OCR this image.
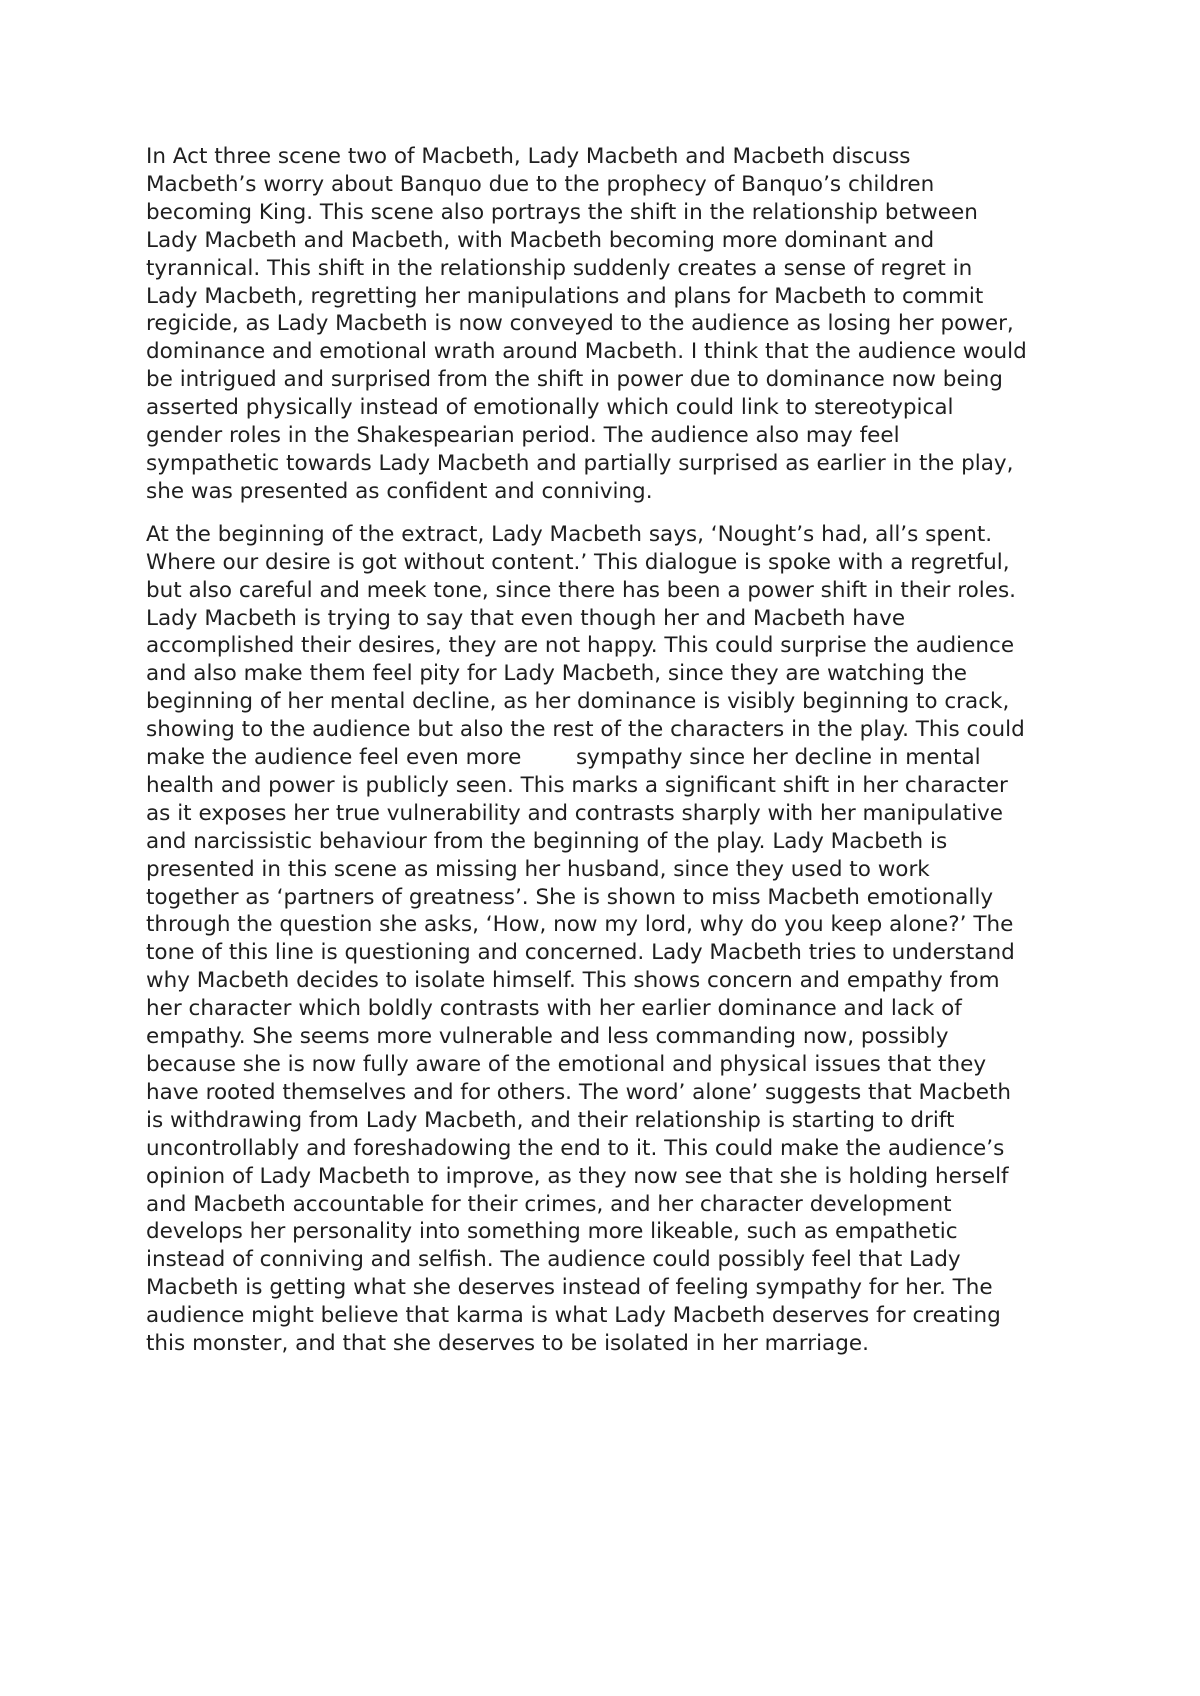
In Act three scene two of Macbeth, Lady Macbeth and Macbeth discuss
Macbeth’s worry about Banquo due to the prophecy of Banquo’s children
becoming King. This scene also portrays the shift in the relationship between
Lady Macbeth and Macbeth, with Macbeth becoming more dominant and
tyrannical. This shift in the relationship suddenly creates a sense of regret in
Lady Macbeth, regretting her manipulations and plans for Macbeth to commit
regicide, as Lady Macbeth is now conveyed to the audience as losing her power,
dominance and emotional wrath around Macbeth. I think that the audience would
be intrigued and surprised from the shift in power due to dominance now being
asserted physically instead of emotionally which could link to stereotypical
gender roles in the Shakespearian period. The audience also may feel
sympathetic towards Lady Macbeth and partially surprised as earlier in the play,
she was presented as confident and conniving.
At the beginning of the extract, Lady Macbeth says, ‘Nought’s had, all’s spent.
Where our desire is got without content.’ This dialogue is spoke with a regretful,
but also careful and meek tone, since there has been a power shift in their roles.
Lady Macbeth is trying to say that even though her and Macbeth have
accomplished their desires, they are not happy. This could surprise the audience
and also make them feel pity for Lady Macbeth, since they are watching the
beginning of her mental decline, as her dominance is visibly beginning to crack,
showing to the audience but also the rest of the characters in the play. This could
make the audience feel even more        sympathy since her decline in mental
health and power is publicly seen. This marks a significant shift in her character
as it exposes her true vulnerability and contrasts sharply with her manipulative
and narcissistic behaviour from the beginning of the play. Lady Macbeth is
presented in this scene as missing her husband, since they used to work
together as ‘partners of greatness’. She is shown to miss Macbeth emotionally
through the question she asks, ‘How, now my lord, why do you keep alone?’ The
tone of this line is questioning and concerned. Lady Macbeth tries to understand
why Macbeth decides to isolate himself. This shows concern and empathy from
her character which boldly contrasts with her earlier dominance and lack of
empathy. She seems more vulnerable and less commanding now, possibly
because she is now fully aware of the emotional and physical issues that they
have rooted themselves and for others. The word’ alone’ suggests that Macbeth
is withdrawing from Lady Macbeth, and their relationship is starting to drift
uncontrollably and foreshadowing the end to it. This could make the audience’s
opinion of Lady Macbeth to improve, as they now see that she is holding herself
and Macbeth accountable for their crimes, and her character development
develops her personality into something more likeable, such as empathetic
instead of conniving and selfish. The audience could possibly feel that Lady
Macbeth is getting what she deserves instead of feeling sympathy for her. The
audience might believe that karma is what Lady Macbeth deserves for creating
this monster, and that she deserves to be isolated in her marriage.
